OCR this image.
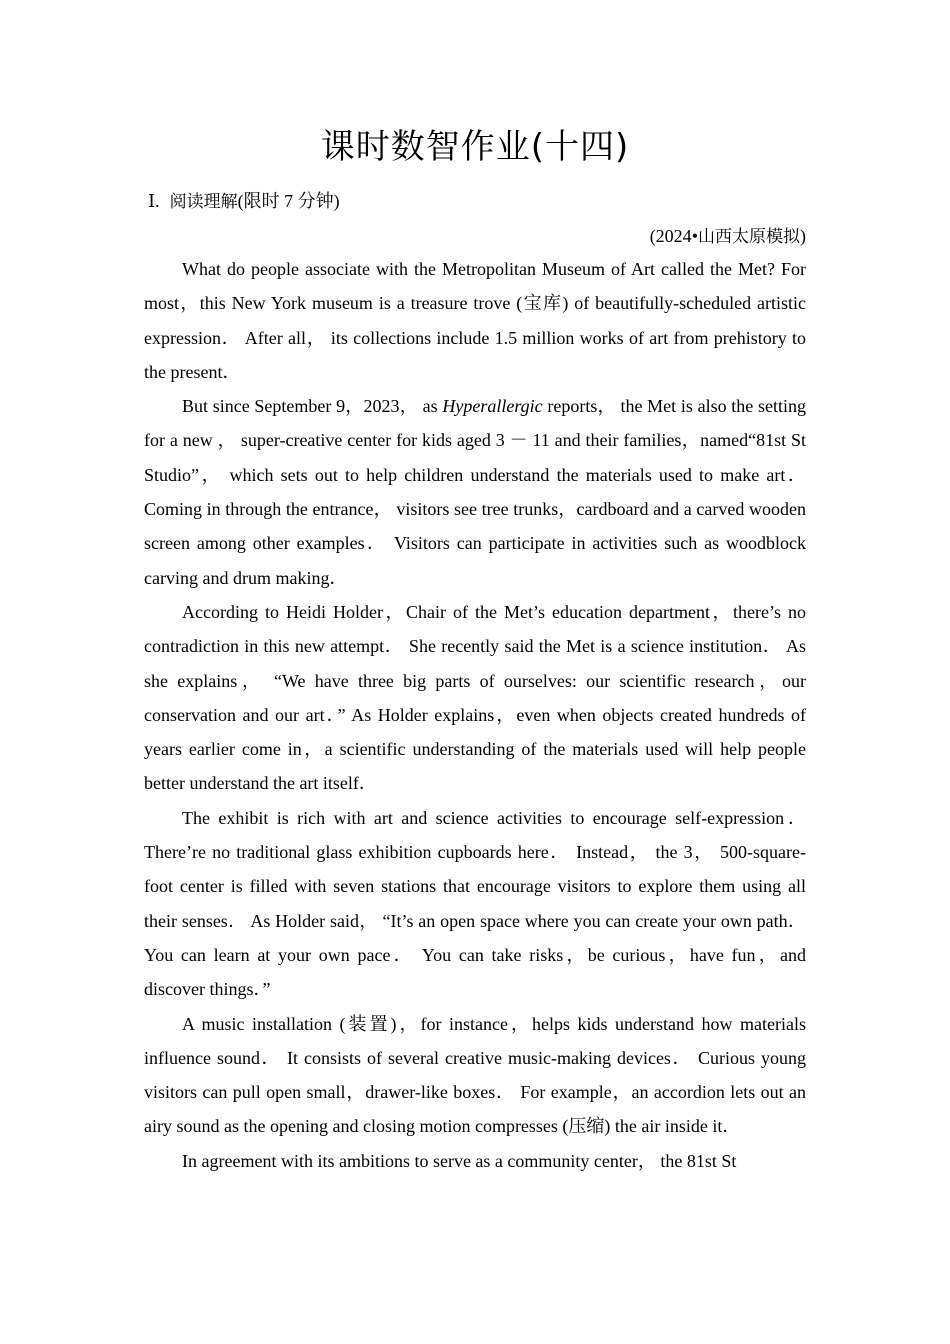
课时数智作业(十四)
Ⅰ. 阅读理解(限时 7 分钟)
(2024•山西太原模拟)

What do people associate with the Metropolitan Museum of Art called the Met? For most，this New York museum is a treasure trove (宝库) of beautifully-scheduled artistic expression． After all， its collections include 1.5 million works of art from prehistory to the present．

But since September 9，2023， as Hyperallergic reports， the Met is also the setting for a new ， super-creative center for kids aged 3 － 11 and their families，named“81st St Studio”， which sets out to help children understand the materials used to make art． Coming in through the entrance， visitors see tree trunks，cardboard and a carved wooden screen among other examples． Visitors can participate in activities such as woodblock carving and drum making．

According to Heidi Holder，Chair of the Met’s education department，there’s no contradiction in this new attempt． She recently said the Met is a science institution． As she explains， “We have three big parts of ourselves: our scientific research，our conservation and our art．” As Holder explains，even when objects created hundreds of years earlier come in，a scientific understanding of the materials used will help people better understand the art itself．

The exhibit is rich with art and science activities to encourage self-expression． There’re no traditional glass exhibition cupboards here． Instead， the 3， 500-square-foot center is filled with seven stations that encourage visitors to explore them using all their senses． As Holder said， “It’s an open space where you can create your own path． You can learn at your own pace． You can take risks，be curious，have fun，and discover things．”

A music installation (装置)，for instance，helps kids understand how materials influence sound． It consists of several creative music-making devices． Curious young visitors can pull open small，drawer-like boxes． For example，an accordion lets out an airy sound as the opening and closing motion compresses (压缩) the air inside it．

In agreement with its ambitions to serve as a community center， the 81st St
